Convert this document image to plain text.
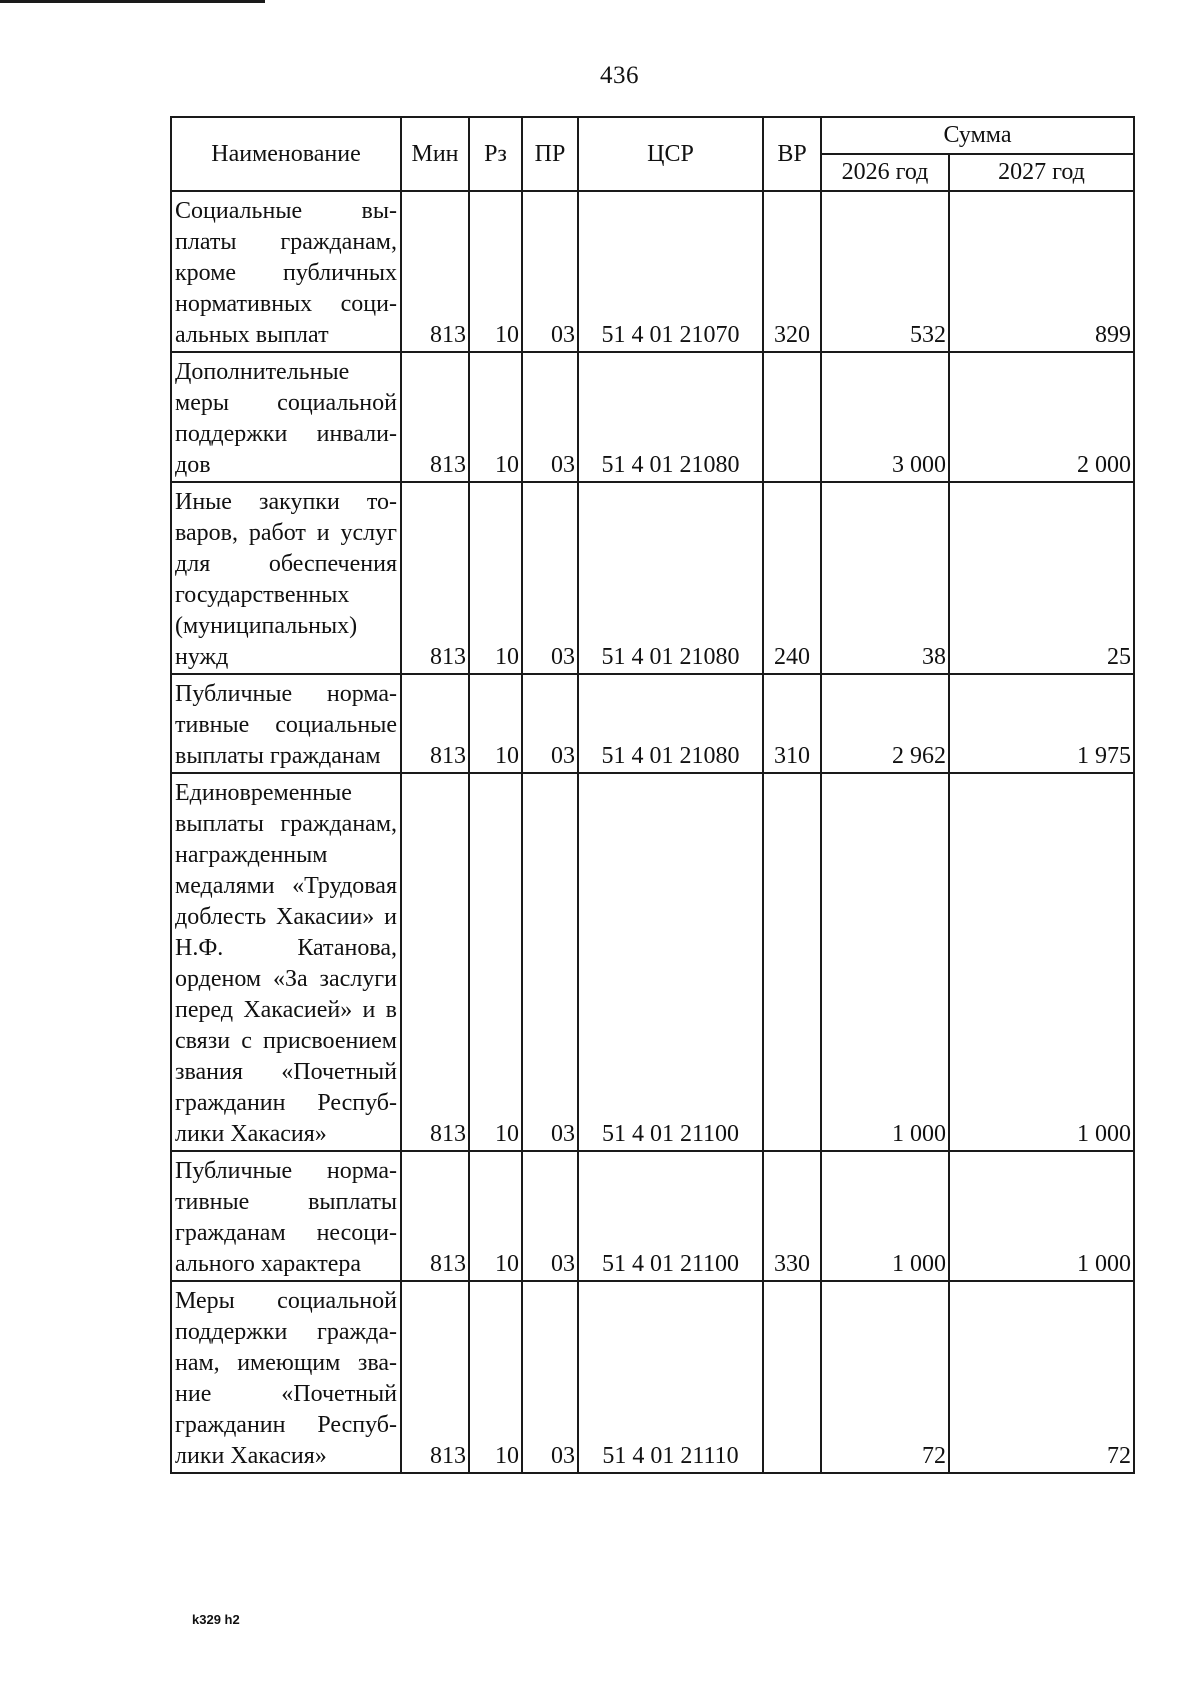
436
Наименование	Мин	Рз	ПР	ЦСР	ВР	Сумма	
						2026 год	2027 год
Социальные выплаты гражданам, кроме публичных нормативных социальных выплат	813	10	03	51 4 01 21070	320	532	899
Дополнительные меры социальной поддержки инвалидов	813	10	03	51 4 01 21080		3 000	2 000
Иные закупки товаров, работ и услуг для обеспечения государственных (муниципальных) нужд	813	10	03	51 4 01 21080	240	38	25
Публичные нормативные социальные выплаты гражданам	813	10	03	51 4 01 21080	310	2 962	1 975
Единовременные выплаты гражданам, награжденным медалями «Трудовая доблесть Хакасии» и Н.Ф. Катанова, орденом «За заслуги перед Хакасией» и в связи с присвоением звания «Почетный гражданин Республики Хакасия»	813	10	03	51 4 01 21100		1 000	1 000
Публичные нормативные выплаты гражданам несоциального характера	813	10	03	51 4 01 21100	330	1 000	1 000
Меры социальной поддержки гражданам, имеющим звание «Почетный гражданин Республики Хакасия»	813	10	03	51 4 01 21110		72	72
k329 h2
